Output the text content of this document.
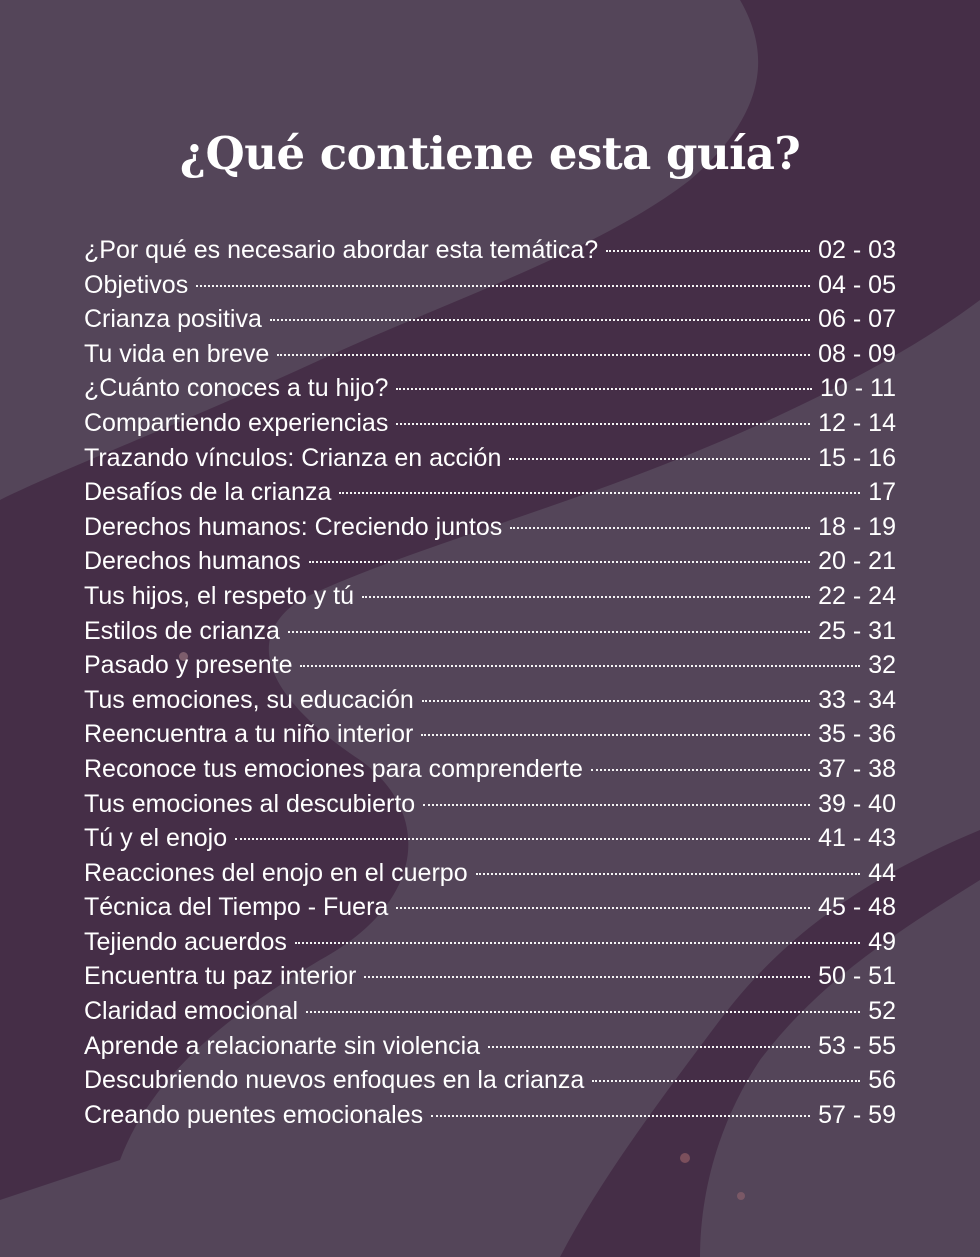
¿Qué contiene esta guía?
¿Por qué es necesario abordar esta temática?	02 - 03
Objetivos	04 - 05
Crianza positiva	06 - 07
Tu vida en breve	08 - 09
¿Cuánto conoces a tu hijo?	10 - 11
Compartiendo experiencias	12 - 14
Trazando vínculos: Crianza en acción	15 - 16
Desafíos de la crianza	17
Derechos humanos: Creciendo juntos	18 - 19
Derechos humanos	20 - 21
Tus hijos, el respeto y tú	22 - 24
Estilos de crianza	25 - 31
Pasado y presente	32
Tus emociones, su educación	33 - 34
Reencuentra a tu niño interior	35 - 36
Reconoce tus emociones para comprenderte	37 - 38
Tus emociones al descubierto	39 - 40
Tú y el enojo	41 - 43
Reacciones del enojo en el cuerpo	44
Técnica del Tiempo - Fuera	45 - 48
Tejiendo acuerdos	49
Encuentra tu paz interior	50 - 51
Claridad emocional	52
Aprende a relacionarte sin violencia	53 - 55
Descubriendo nuevos enfoques en la crianza	56
Creando puentes emocionales	57 - 59
